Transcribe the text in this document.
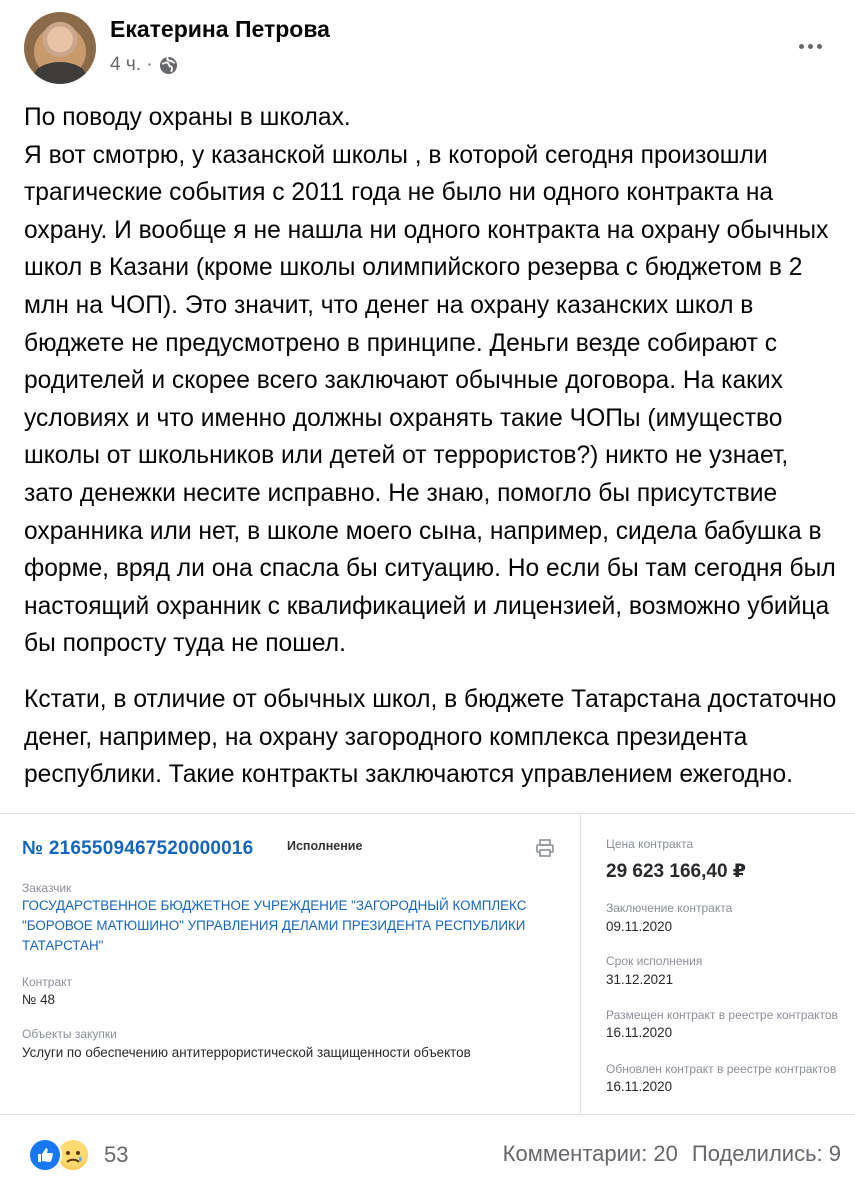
Екатерина Петрова
4 ч. ·

По поводу охраны в школах.
Я вот смотрю, у казанской школы , в которой сегодня произошли трагические события с 2011 года не было ни одного контракта на охрану. И вообще я не нашла ни одного контракта на охрану обычных школ в Казани (кроме школы олимпийского резерва с бюджетом в 2 млн на ЧОП). Это значит, что денег на охрану казанских школ в бюджете не предусмотрено в принципе. Деньги везде собирают с родителей и скорее всего заключают обычные договора. На каких условиях и что именно должны охранять такие ЧОПы (имущество школы от школьников или детей от террористов?) никто не узнает, зато денежки несите исправно. Не знаю, помогло бы присутствие охранника или нет, в школе моего сына, например, сидела бабушка в форме, вряд ли она спасла бы ситуацию. Но если бы там сегодня был настоящий охранник с квалификацией и лицензией, возможно убийца бы попросту туда не пошел.

Кстати, в отличие от обычных школ, в бюджете Татарстана достаточно денег, например, на охрану загородного комплекса президента республики. Такие контракты заключаются управлением ежегодно.

№ 2165509467520000016	Исполнение
Заказчик
ГОСУДАРСТВЕННОЕ БЮДЖЕТНОЕ УЧРЕЖДЕНИЕ "ЗАГОРОДНЫЙ КОМПЛЕКС "БОРОВОЕ МАТЮШИНО" УПРАВЛЕНИЯ ДЕЛАМИ ПРЕЗИДЕНТА РЕСПУБЛИКИ ТАТАРСТАН"
Контракт
№ 48
Объекты закупки
Услуги по обеспечению антитеррористической защищенности объектов
Цена контракта
29 623 166,40 ₽
Заключение контракта
09.11.2020
Срок исполнения
31.12.2021
Размещен контракт в реестре контрактов
16.11.2020
Обновлен контракт в реестре контрактов
16.11.2020
53	Комментарии: 20 Поделились: 9
